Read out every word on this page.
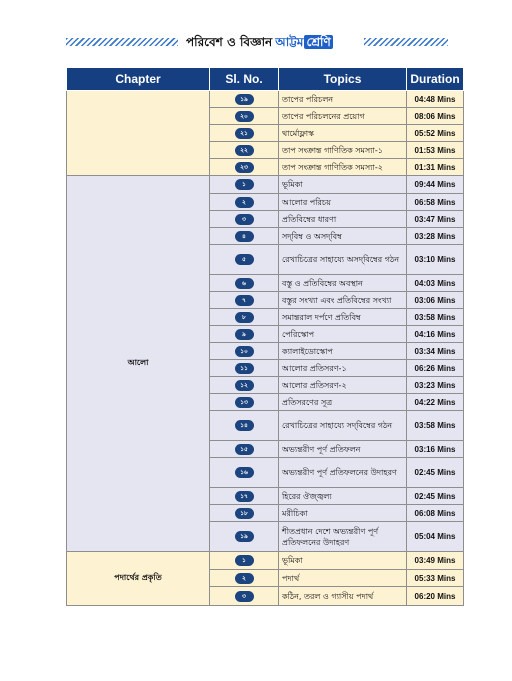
পরিবেশ ও বিজ্ঞান আট্টম শ্রেণি
Chapter	Sl. No.	Topics	Duration
	১৯	তাপের পরিচলন	04:48 Mins
	২০	তাপের পরিচলনের প্রয়োগ	08:06 Mins
	২১	থার্মোফ্লাস্ক	05:52 Mins
	২২	তাপ সংক্রান্ত গাণিতিক সমস্যা-১	01:53 Mins
	২৩	তাপ সংক্রান্ত গাণিতিক সমস্যা-২	01:31 Mins
আলো	১	ভূমিকা	09:44 Mins
	২	আলোর পরিচয়	06:58 Mins
	৩	প্রতিবিম্বের ধারণা	03:47 Mins
	৪	সদ্‌বিম্ব ও অসদ্‌বিম্ব	03:28 Mins
	৫	রেখাচিত্রের সাহায্যে অসদ্‌বিম্বের গঠন	03:10 Mins
	৬	বস্তু ও প্রতিবিম্বের অবস্থান	04:03 Mins
	৭	বস্তুর সংখ্যা এবং প্রতিবিম্বের সংখ্যা	03:06 Mins
	৮	সমান্তরাল দর্পণে প্রতিবিম্ব	03:58 Mins
	৯	পেরিস্কোপ	04:16 Mins
	১০	ক্যালাইডোস্কোপ	03:34 Mins
	১১	আলোর প্রতিসরণ-১	06:26 Mins
	১২	আলোর প্রতিসরণ-২	03:23 Mins
	১৩	প্রতিসরণের সূত্র	04:22 Mins
	১৪	রেখাচিত্রের সাহায্যে সদ্‌বিম্বের গঠন	03:58 Mins
	১৫	অভ্যন্তরীণ পূর্ণ প্রতিফলন	03:16 Mins
	১৬	অভ্যন্তরীণ পূর্ণ প্রতিফলনের উদাহরণ	02:45 Mins
	১৭	হিরের ঔজ্জ্বল্য	02:45 Mins
	১৮	মরীচিকা	06:08 Mins
	১৯	শীতপ্রধান দেশে অভ্যন্তরীণ পূর্ণ প্রতিফলনের উদাহরণ	05:04 Mins
পদার্থের প্রকৃতি	১	ভূমিকা	03:49 Mins
	২	পদার্থ	05:33 Mins
	৩	কঠিন, তরল ও গ্যাসীয় পদার্থ	06:20 Mins
